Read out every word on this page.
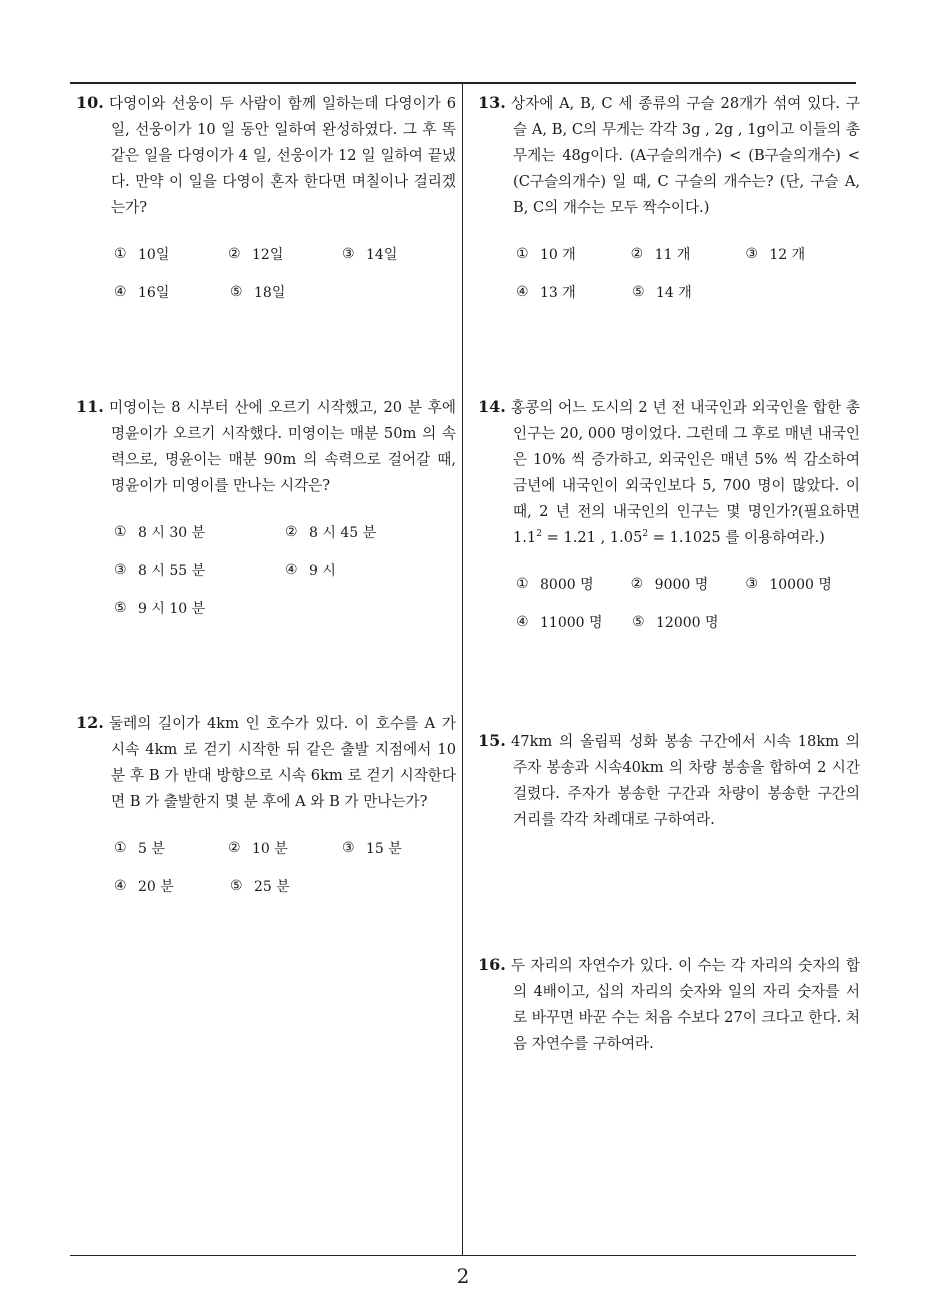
2

10. 다영이와 선웅이 두 사람이 함께 일하는데 다영이가 6 일, 선웅이가 10 일 동안 일하여 완성하였다. 그 후 똑같은 일을 다영이가 4 일, 선웅이가 12 일 일하여 끝냈다. 만약 이 일을 다영이 혼자 한다면 며칠이나 걸리겠는가?

① 10일	② 12일	③ 14일
④ 16일	⑤ 18일

11. 미영이는 8 시부터 산에 오르기 시작했고, 20 분 후에 명윤이가 오르기 시작했다. 미영이는 매분 50m 의 속력으로, 명윤이는 매분 90m 의 속력으로 걸어갈 때, 명윤이가 미영이를 만나는 시각은?

① 8 시 30 분	② 8 시 45 분
③ 8 시 55 분	④ 9 시
⑤ 9 시 10 분

12. 둘레의 길이가 4km 인 호수가 있다. 이 호수를 A 가 시속 4km 로 걷기 시작한 뒤 같은 출발 지점에서 10 분 후 B 가 반대 방향으로 시속 6km 로 걷기 시작한다면 B 가 출발한지 몇 분 후에 A 와 B 가 만나는가?

① 5 분	② 10 분	③ 15 분
④ 20 분	⑤ 25 분

13. 상자에 A, B, C 세 종류의 구슬 28개가 섞여 있다. 구슬 A, B, C의 무게는 각각 3g , 2g , 1g이고 이들의 총 무게는 48g이다. (A구슬의개수) < (B구슬의개수) < (C구슬의개수) 일 때, C 구슬의 개수는? (단, 구슬 A, B, C의 개수는 모두 짝수이다.)

① 10 개	② 11 개	③ 12 개
④ 13 개	⑤ 14 개

14. 홍콩의 어느 도시의 2 년 전 내국인과 외국인을 합한 총 인구는 20, 000 명이었다. 그런데 그 후로 매년 내국인은 10% 씩 증가하고, 외국인은 매년 5% 씩 감소하여 금년에 내국인이 외국인보다 5, 700 명이 많았다. 이 때, 2 년 전의 내국인의 인구는 몇 명인가?(필요하면 $1.1^2 = 1.21$ , $1.05^2 = 1.1025$ 를 이용하여라.)

① 8000 명	② 9000 명	③ 10000 명
④ 11000 명 ⑤ 12000 명

15. 47km 의 올림픽 성화 봉송 구간에서 시속 18km 의 주자 봉송과 시속40km 의 차량 봉송을 합하여 2 시간 걸렸다. 주자가 봉송한 구간과 차량이 봉송한 구간의 거리를 각각 차례대로 구하여라.

16. 두 자리의 자연수가 있다. 이 수는 각 자리의 숫자의 합의 4배이고, 십의 자리의 숫자와 일의 자리 숫자를 서로 바꾸면 바꾼 수는 처음 수보다 27이 크다고 한다. 처음 자연수를 구하여라.
